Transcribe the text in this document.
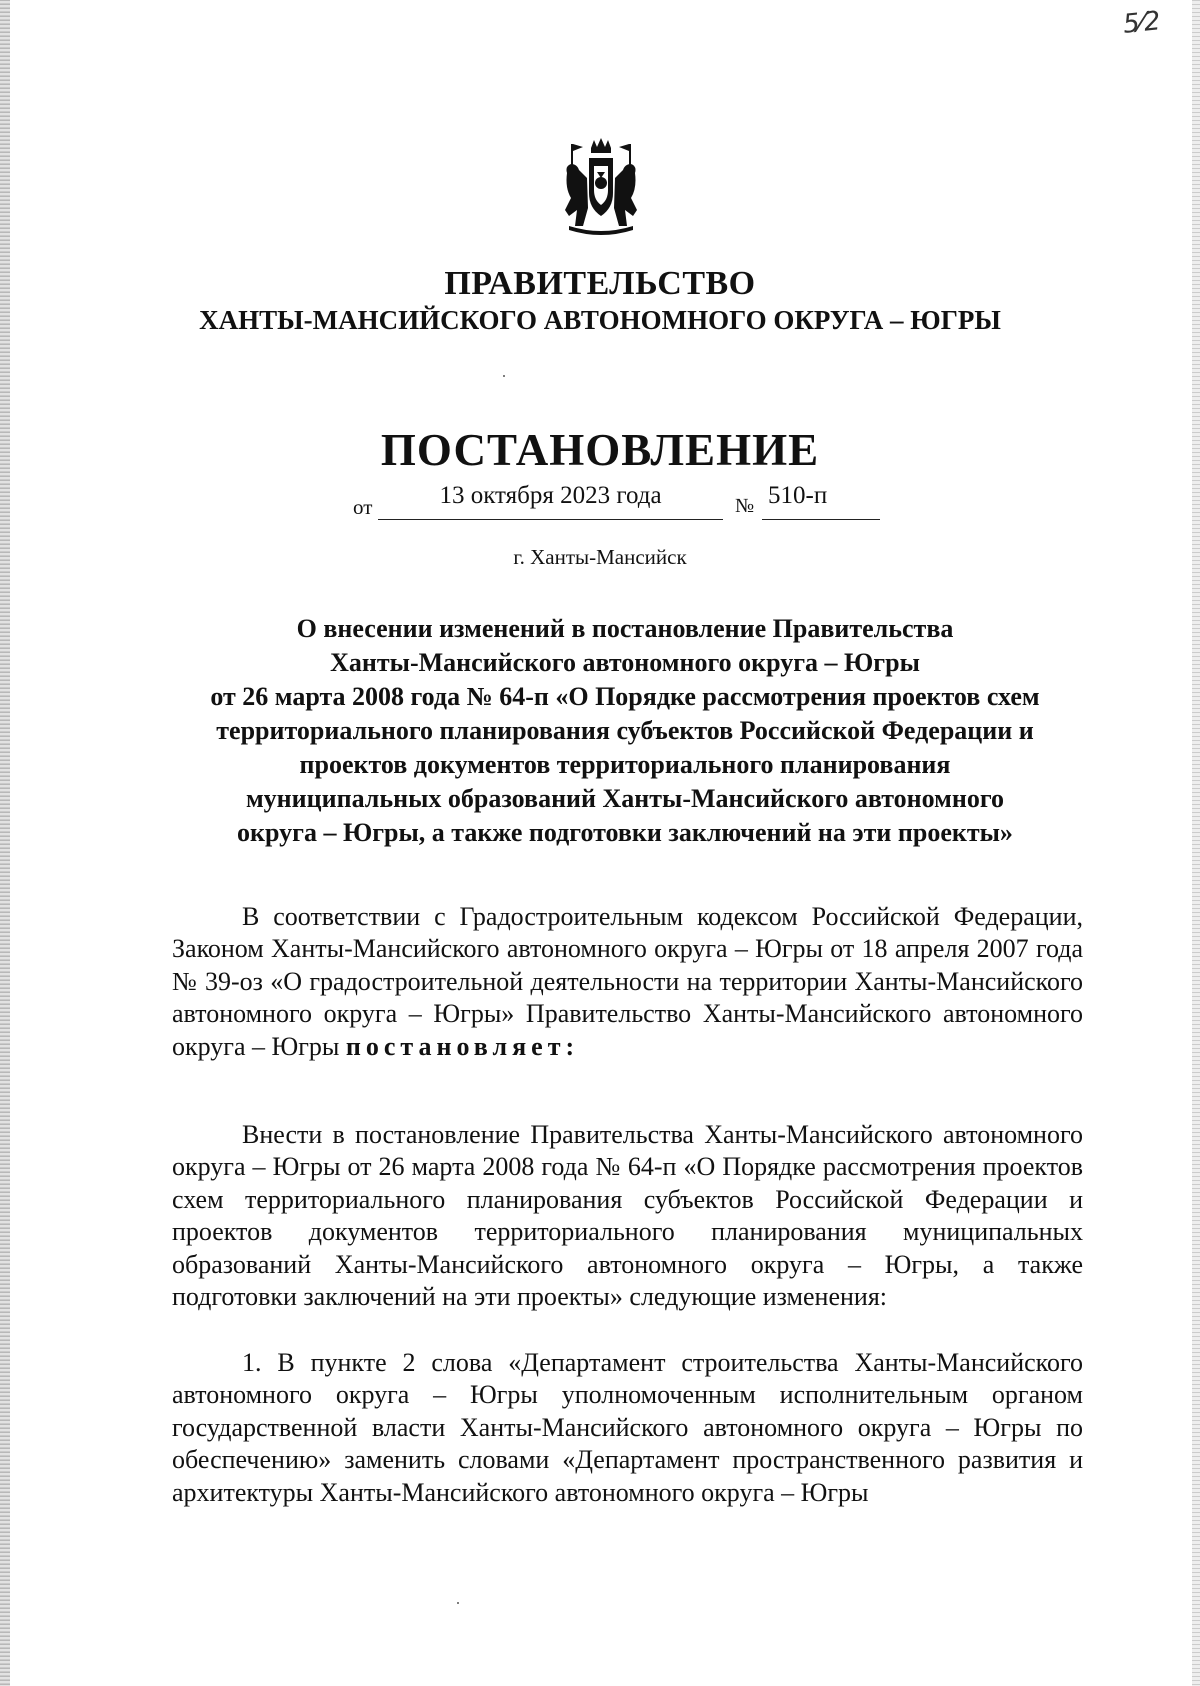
5⁄2
ПРАВИТЕЛЬСТВО
ХАНТЫ-МАНСИЙСКОГО АВТОНОМНОГО ОКРУГА – ЮГРЫ
ПОСТАНОВЛЕНИЕ
от	13 октября 2023 года	№ 510-п
г. Ханты-Мансийск
О внесении изменений в постановление Правительства
Ханты-Мансийского автономного округа – Югры
от 26 марта 2008 года № 64-п «О Порядке рассмотрения проектов схем
территориального планирования субъектов Российской Федерации и
проектов документов территориального планирования
муниципальных образований Ханты-Мансийского автономного
округа – Югры, а также подготовки заключений на эти проекты»
В соответствии с Градостроительным кодексом Российской Федерации, Законом Ханты-Мансийского автономного округа – Югры от 18 апреля 2007 года № 39-оз «О градостроительной деятельности на территории Ханты-Мансийского автономного округа – Югры» Правительство Ханты-Мансийского автономного округа – Югры постановляет:
Внести в постановление Правительства Ханты-Мансийского автономного округа – Югры от 26 марта 2008 года № 64-п «О Порядке рассмотрения проектов схем территориального планирования субъектов Российской Федерации и проектов документов территориального планирования муниципальных образований Ханты-Мансийского автономного округа – Югры, а также подготовки заключений на эти проекты» следующие изменения:
1. В пункте 2 слова «Департамент строительства Ханты-Мансийского автономного округа – Югры уполномоченным исполнительным органом государственной власти Ханты-Мансийского автономного округа – Югры по обеспечению» заменить словами «Департамент пространственного развития и архитектуры Ханты-Мансийского автономного округа – Югры
